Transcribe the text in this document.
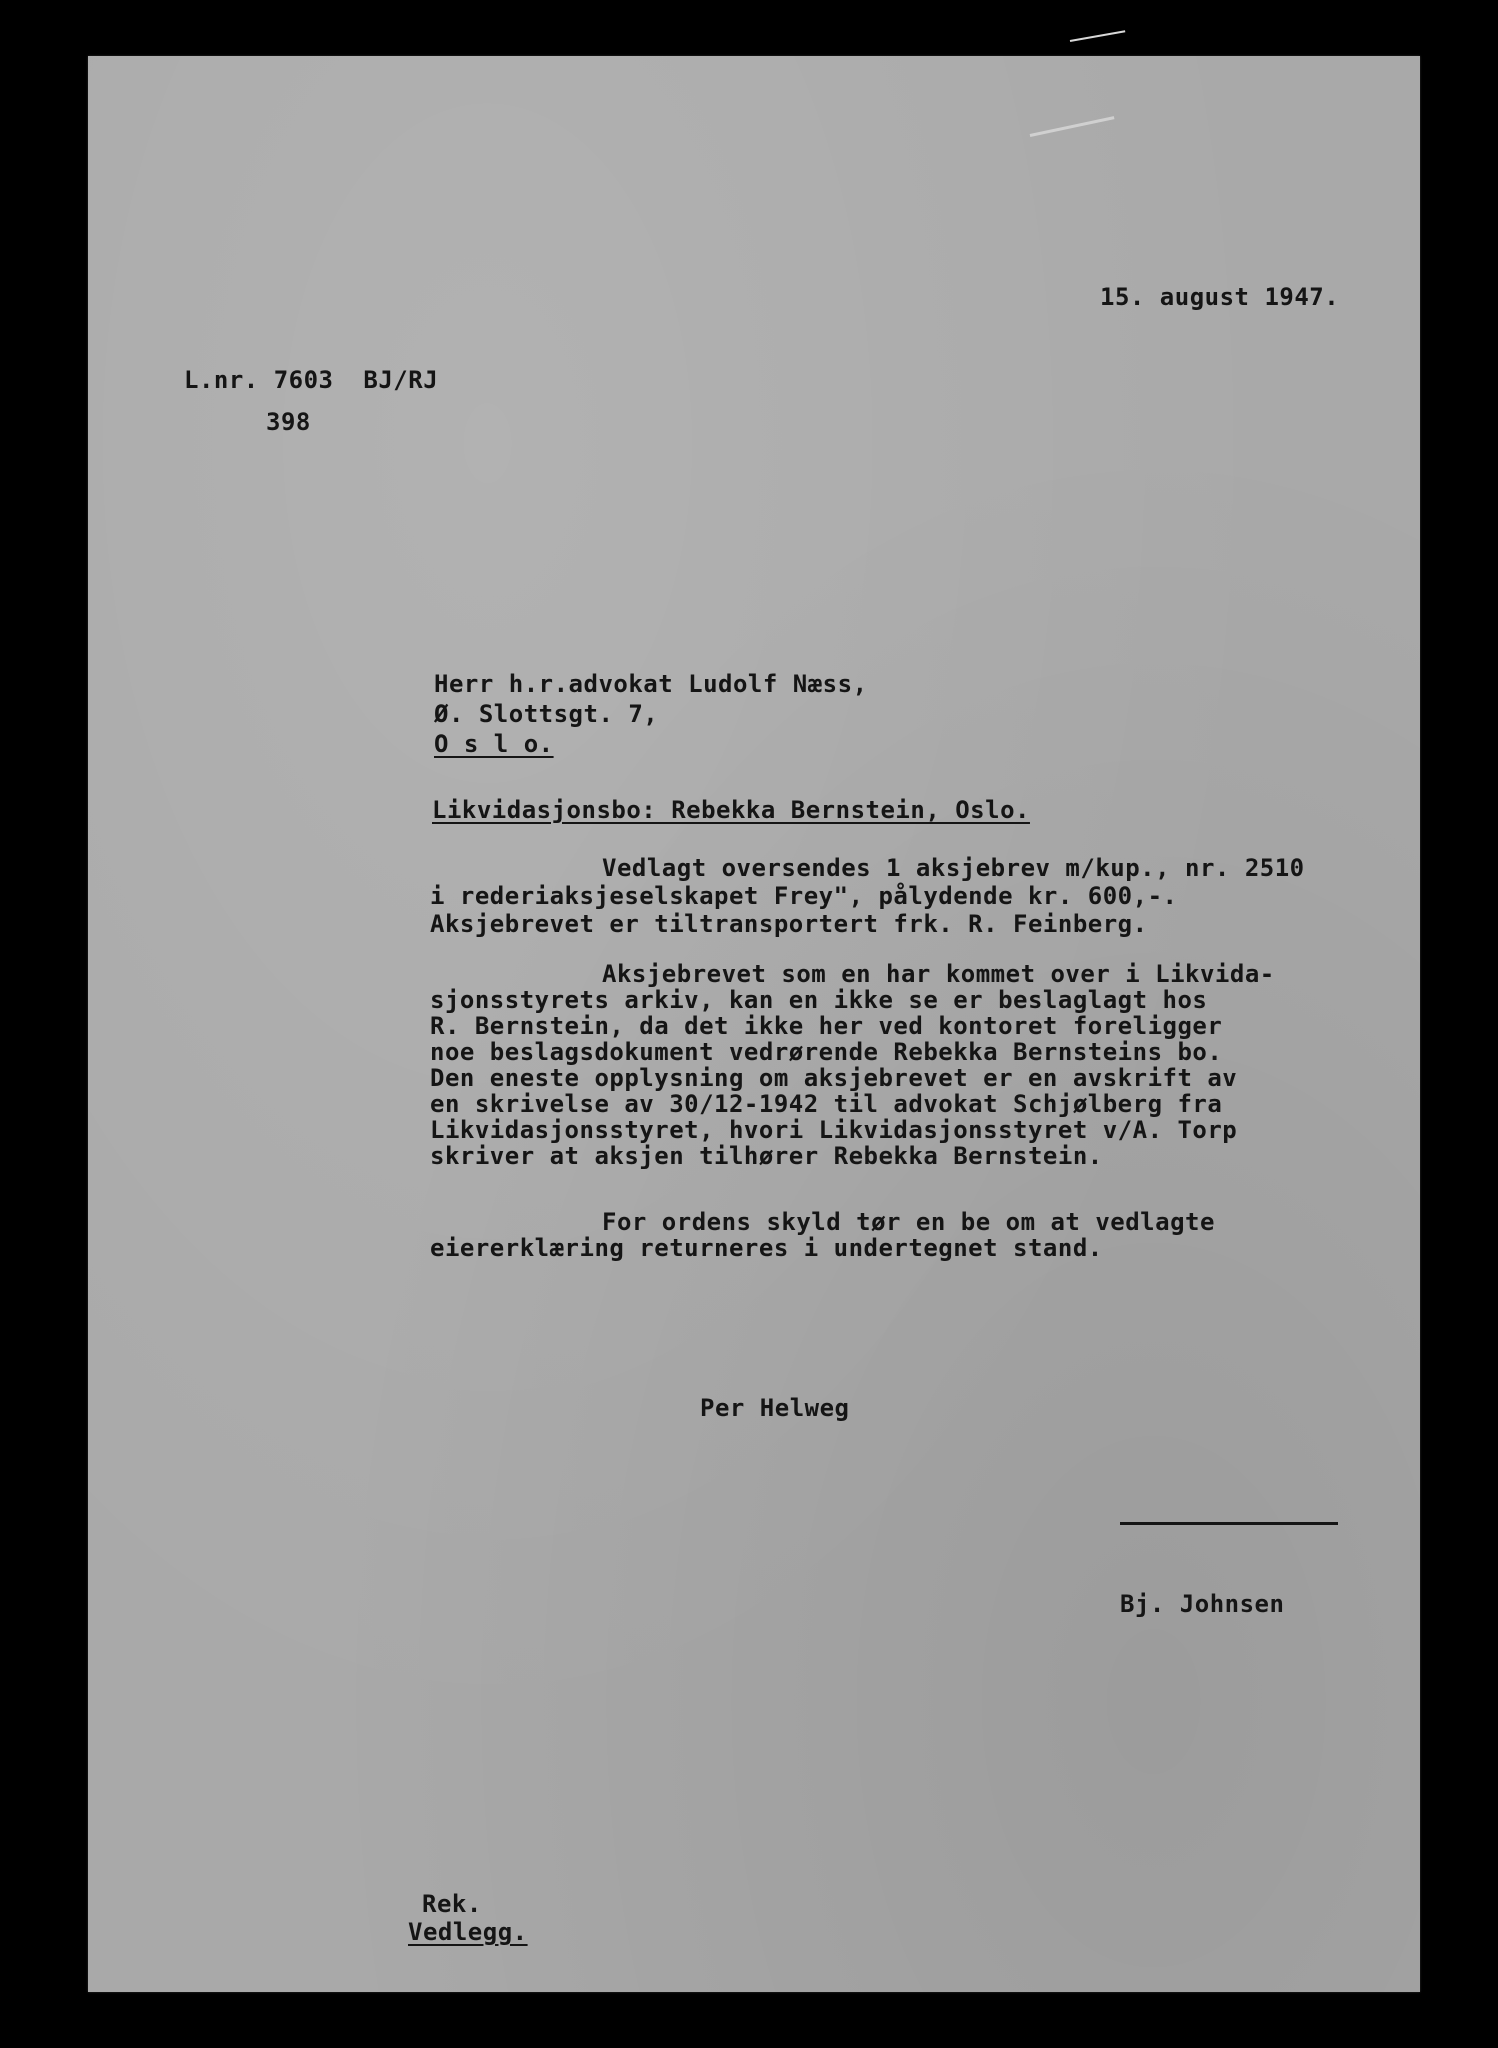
15. august 1947.
L.nr. 7603  BJ/RJ
398
Herr h.r.advokat Ludolf Næss,
Ø. Slottsgt. 7,
O s l o.
Likvidasjonsbo: Rebekka Bernstein, Oslo.
Vedlagt oversendes 1 aksjebrev m/kup., nr. 2510
i rederiaksjeselskapet Frey", pålydende kr. 600,-.
Aksjebrevet er tiltransportert frk. R. Feinberg.
Aksjebrevet som en har kommet over i Likvida-
sjonsstyrets arkiv, kan en ikke se er beslaglagt hos
R. Bernstein, da det ikke her ved kontoret foreligger
noe beslagsdokument vedrørende Rebekka Bernsteins bo.
Den eneste opplysning om aksjebrevet er en avskrift av
en skrivelse av 30/12-1942 til advokat Schjølberg fra
Likvidasjonsstyret, hvori Likvidasjonsstyret v/A. Torp
skriver at aksjen tilhører Rebekka Bernstein.
For ordens skyld tør en be om at vedlagte
eiererklæring returneres i undertegnet stand.
Per Helweg
Bj. Johnsen
Rek.
Vedlegg.
